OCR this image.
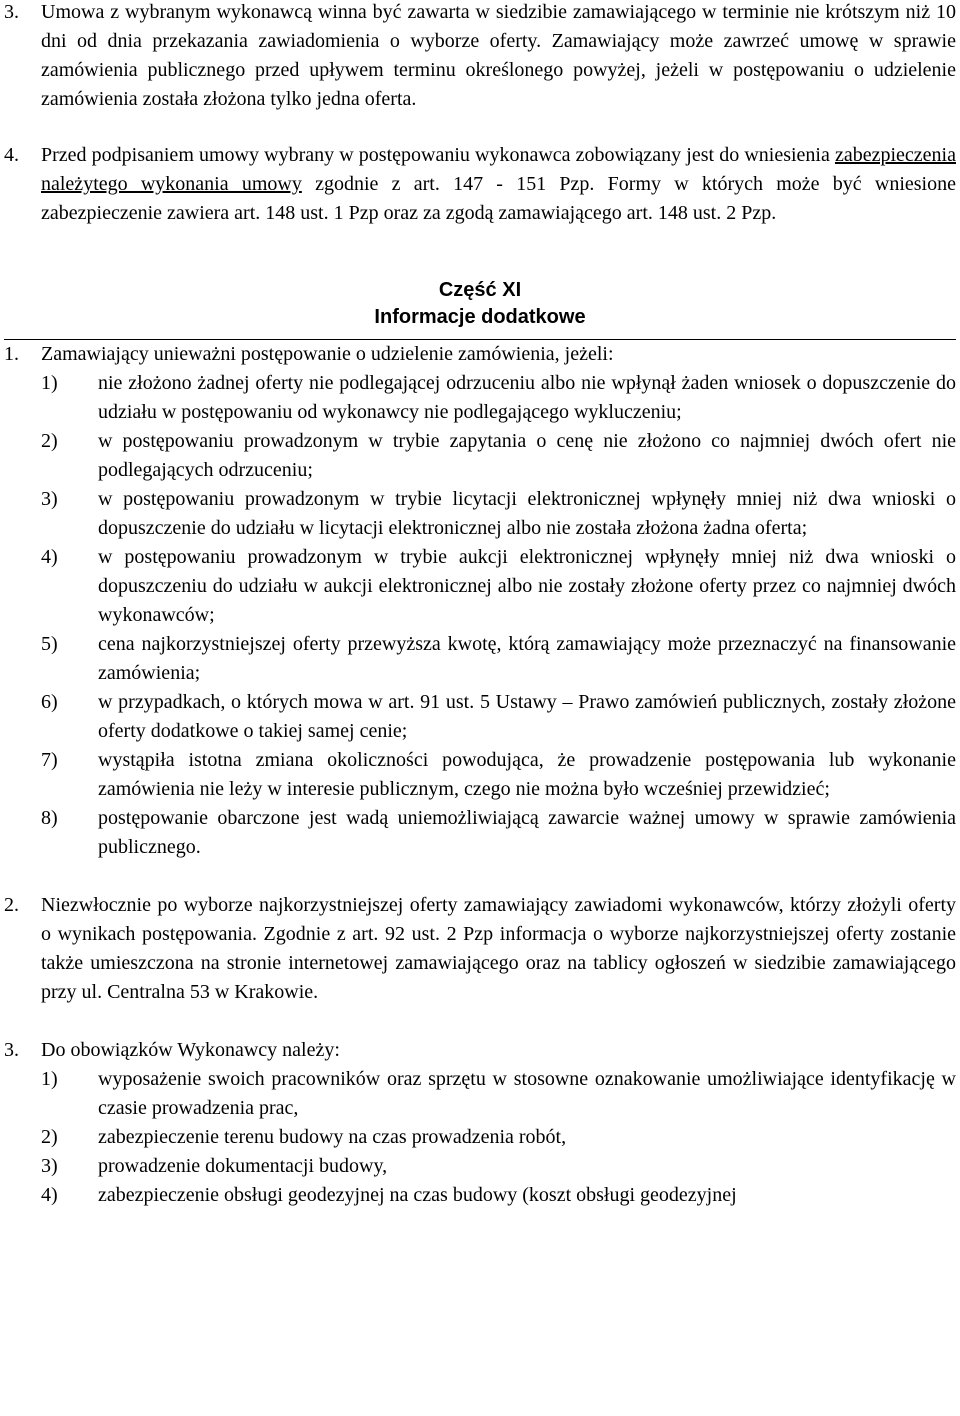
3.	Umowa z wybranym wykonawcą winna być zawarta w siedzibie zamawiającego w terminie nie krótszym niż 10 dni od dnia przekazania zawiadomienia o wyborze oferty. Zamawiający może zawrzeć umowę w sprawie zamówienia publicznego przed upływem terminu określonego powyżej, jeżeli w postępowaniu o udzielenie zamówienia została złożona tylko jedna oferta.
4.	Przed podpisaniem umowy wybrany w postępowaniu wykonawca zobowiązany jest do wniesienia zabezpieczenia należytego wykonania umowy zgodnie z art. 147 - 151 Pzp. Formy w których może być wniesione zabezpieczenie zawiera art. 148 ust. 1 Pzp oraz za zgodą zamawiającego art. 148 ust. 2 Pzp.
Część XI
Informacje dodatkowe
1.	Zamawiający unieważni postępowanie o udzielenie zamówienia, jeżeli:
1)	nie złożono żadnej oferty nie podlegającej odrzuceniu albo nie wpłynął żaden wniosek o dopuszczenie do udziału w postępowaniu od wykonawcy nie podlegającego wykluczeniu;
2)	w postępowaniu prowadzonym w trybie zapytania o cenę nie złożono co najmniej dwóch ofert nie podlegających odrzuceniu;
3)	w postępowaniu prowadzonym w trybie licytacji elektronicznej wpłynęły mniej niż dwa wnioski o dopuszczenie do udziału w licytacji elektronicznej albo nie została złożona żadna oferta;
4)	w postępowaniu prowadzonym w trybie aukcji elektronicznej wpłynęły mniej niż dwa wnioski o dopuszczeniu do udziału w aukcji elektronicznej albo nie zostały złożone oferty przez co najmniej dwóch wykonawców;
5)	cena najkorzystniejszej oferty przewyższa kwotę, którą zamawiający może przeznaczyć na finansowanie zamówienia;
6)	w przypadkach, o których mowa w art. 91 ust. 5 Ustawy – Prawo zamówień publicznych, zostały złożone oferty dodatkowe o takiej samej cenie;
7)	wystąpiła istotna zmiana okoliczności powodująca, że prowadzenie postępowania lub wykonanie zamówienia nie leży w interesie publicznym, czego nie można było wcześniej przewidzieć;
8)	postępowanie obarczone jest wadą uniemożliwiającą zawarcie ważnej umowy w sprawie zamówienia publicznego.
2.	Niezwłocznie po wyborze najkorzystniejszej oferty zamawiający zawiadomi wykonawców, którzy złożyli oferty o wynikach postępowania. Zgodnie z art. 92 ust. 2 Pzp informacja o wyborze najkorzystniejszej oferty zostanie także umieszczona na stronie internetowej zamawiającego oraz na tablicy ogłoszeń w siedzibie zamawiającego przy ul. Centralna 53 w Krakowie.
3.	Do obowiązków Wykonawcy należy:
1)	wyposażenie swoich pracowników oraz sprzętu w stosowne oznakowanie umożliwiające identyfikację w czasie prowadzenia prac,
2)	zabezpieczenie terenu budowy na czas prowadzenia robót,
3)	prowadzenie dokumentacji budowy,
4)	zabezpieczenie obsługi geodezyjnej na czas budowy (koszt obsługi geodezyjnej
